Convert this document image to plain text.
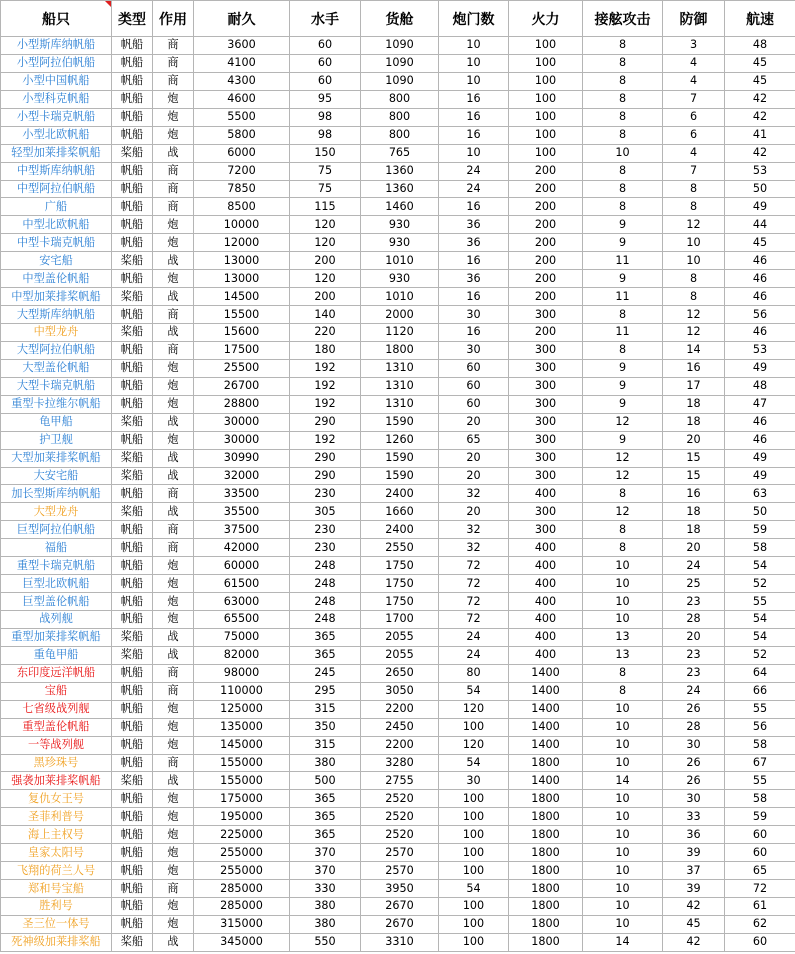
船只	类型	作用	耐久	水手	货舱	炮门数	火力	接舷攻击	防御	航速
小型斯库纳帆船	帆船	商	3600	60	1090	10	100	8	3	48
小型阿拉伯帆船	帆船	商	4100	60	1090	10	100	8	4	45
小型中国帆船	帆船	商	4300	60	1090	10	100	8	4	45
小型科克帆船	帆船	炮	4600	95	800	16	100	8	7	42
小型卡瑞克帆船	帆船	炮	5500	98	800	16	100	8	6	42
小型北欧帆船	帆船	炮	5800	98	800	16	100	8	6	41
轻型加莱排桨帆船	桨船	战	6000	150	765	10	100	10	4	42
中型斯库纳帆船	帆船	商	7200	75	1360	24	200	8	7	53
中型阿拉伯帆船	帆船	商	7850	75	1360	24	200	8	8	50
广船	帆船	商	8500	115	1460	16	200	8	8	49
中型北欧帆船	帆船	炮	10000	120	930	36	200	9	12	44
中型卡瑞克帆船	帆船	炮	12000	120	930	36	200	9	10	45
安宅船	桨船	战	13000	200	1010	16	200	11	10	46
中型盖伦帆船	帆船	炮	13000	120	930	36	200	9	8	46
中型加莱排桨帆船	桨船	战	14500	200	1010	16	200	11	8	46
大型斯库纳帆船	帆船	商	15500	140	2000	30	300	8	12	56
中型龙舟	桨船	战	15600	220	1120	16	200	11	12	46
大型阿拉伯帆船	帆船	商	17500	180	1800	30	300	8	14	53
大型盖伦帆船	帆船	炮	25500	192	1310	60	300	9	16	49
大型卡瑞克帆船	帆船	炮	26700	192	1310	60	300	9	17	48
重型卡拉维尔帆船	帆船	炮	28800	192	1310	60	300	9	18	47
龟甲船	桨船	战	30000	290	1590	20	300	12	18	46
护卫舰	帆船	炮	30000	192	1260	65	300	9	20	46
大型加莱排桨帆船	桨船	战	30990	290	1590	20	300	12	15	49
大安宅船	桨船	战	32000	290	1590	20	300	12	15	49
加长型斯库纳帆船	帆船	商	33500	230	2400	32	400	8	16	63
大型龙舟	桨船	战	35500	305	1660	20	300	12	18	50
巨型阿拉伯帆船	帆船	商	37500	230	2400	32	300	8	18	59
福船	帆船	商	42000	230	2550	32	400	8	20	58
重型卡瑞克帆船	帆船	炮	60000	248	1750	72	400	10	24	54
巨型北欧帆船	帆船	炮	61500	248	1750	72	400	10	25	52
巨型盖伦帆船	帆船	炮	63000	248	1750	72	400	10	23	55
战列舰	帆船	炮	65500	248	1700	72	400	10	28	54
重型加莱排桨帆船	桨船	战	75000	365	2055	24	400	13	20	54
重龟甲船	桨船	战	82000	365	2055	24	400	13	23	52
东印度远洋帆船	帆船	商	98000	245	2650	80	1400	8	23	64
宝船	帆船	商	110000	295	3050	54	1400	8	24	66
七省级战列舰	帆船	炮	125000	315	2200	120	1400	10	26	55
重型盖伦帆船	帆船	炮	135000	350	2450	100	1400	10	28	56
一等战列舰	帆船	炮	145000	315	2200	120	1400	10	30	58
黑珍珠号	帆船	商	155000	380	3280	54	1800	10	26	67
强袭加莱排桨帆船	桨船	战	155000	500	2755	30	1400	14	26	55
复仇女王号	帆船	炮	175000	365	2520	100	1800	10	30	58
圣菲利普号	帆船	炮	195000	365	2520	100	1800	10	33	59
海上主权号	帆船	炮	225000	365	2520	100	1800	10	36	60
皇家太阳号	帆船	炮	255000	370	2570	100	1800	10	39	60
飞翔的荷兰人号	帆船	炮	255000	370	2570	100	1800	10	37	65
郑和号宝船	帆船	商	285000	330	3950	54	1800	10	39	72
胜利号	帆船	炮	285000	380	2670	100	1800	10	42	61
圣三位一体号	帆船	炮	315000	380	2670	100	1800	10	45	62
死神级加莱排桨船	桨船	战	345000	550	3310	100	1800	14	42	60
